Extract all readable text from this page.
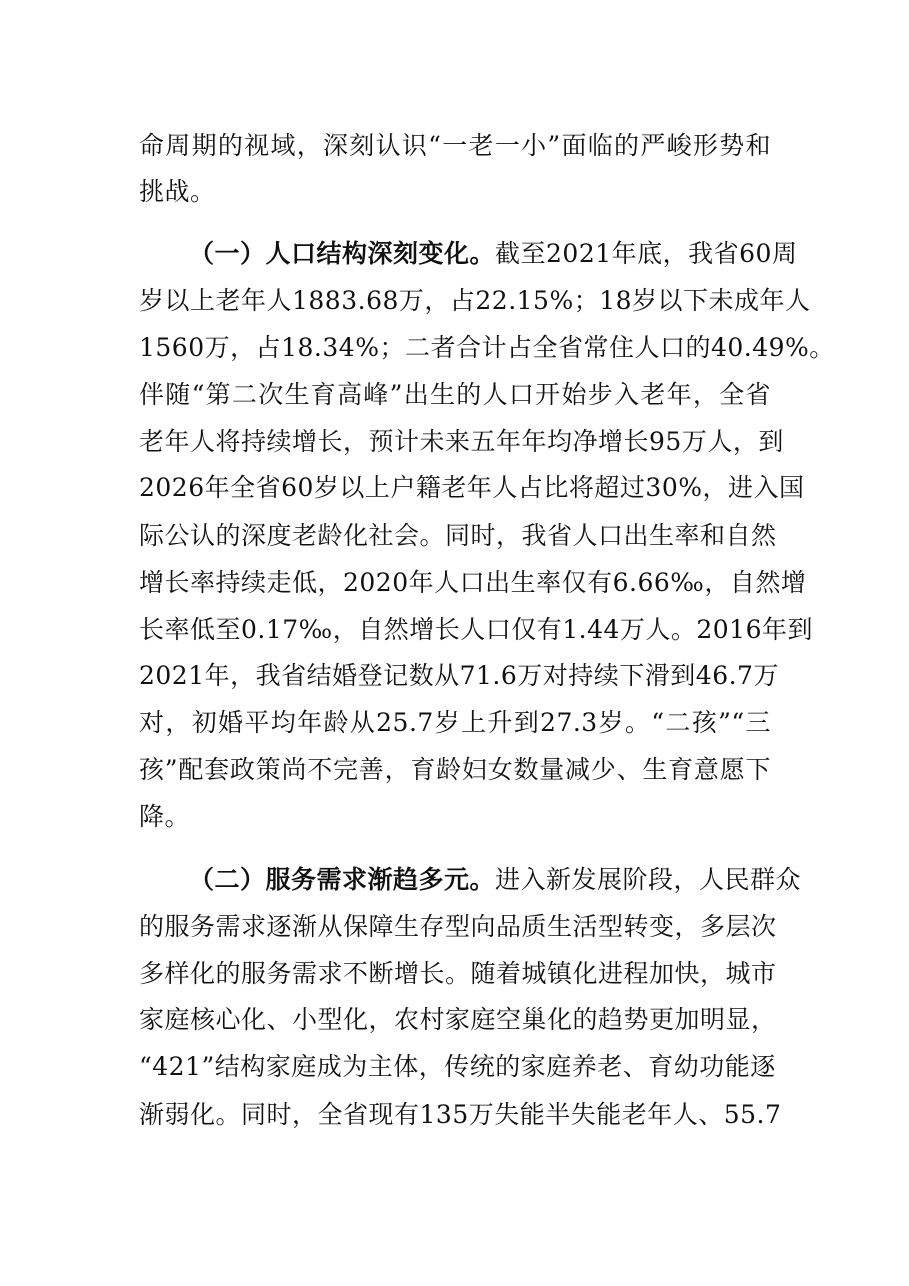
命周期的视域，深刻认识“一老一小”面临的严峻形势和
挑战。
（一）人口结构深刻变化。截至2021年底，我省60周
岁以上老年人1883.68万，占22.15%；18岁以下未成年人
1560万，占18.34%；二者合计占全省常住人口的40.49%。
伴随“第二次生育高峰”出生的人口开始步入老年，全省
老年人将持续增长，预计未来五年年均净增长95万人，到
2026年全省60岁以上户籍老年人占比将超过30%，进入国
际公认的深度老龄化社会。同时，我省人口出生率和自然
增长率持续走低，2020年人口出生率仅有6.66‰，自然增
长率低至0.17‰，自然增长人口仅有1.44万人。2016年到
2021年，我省结婚登记数从71.6万对持续下滑到46.7万
对，初婚平均年龄从25.7岁上升到27.3岁。“二孩”“三
孩”配套政策尚不完善，育龄妇女数量减少、生育意愿下
降。
（二）服务需求渐趋多元。进入新发展阶段，人民群众
的服务需求逐渐从保障生存型向品质生活型转变，多层次
多样化的服务需求不断增长。随着城镇化进程加快，城市
家庭核心化、小型化，农村家庭空巢化的趋势更加明显，
“421”结构家庭成为主体，传统的家庭养老、育幼功能逐
渐弱化。同时，全省现有135万失能半失能老年人、55.7
